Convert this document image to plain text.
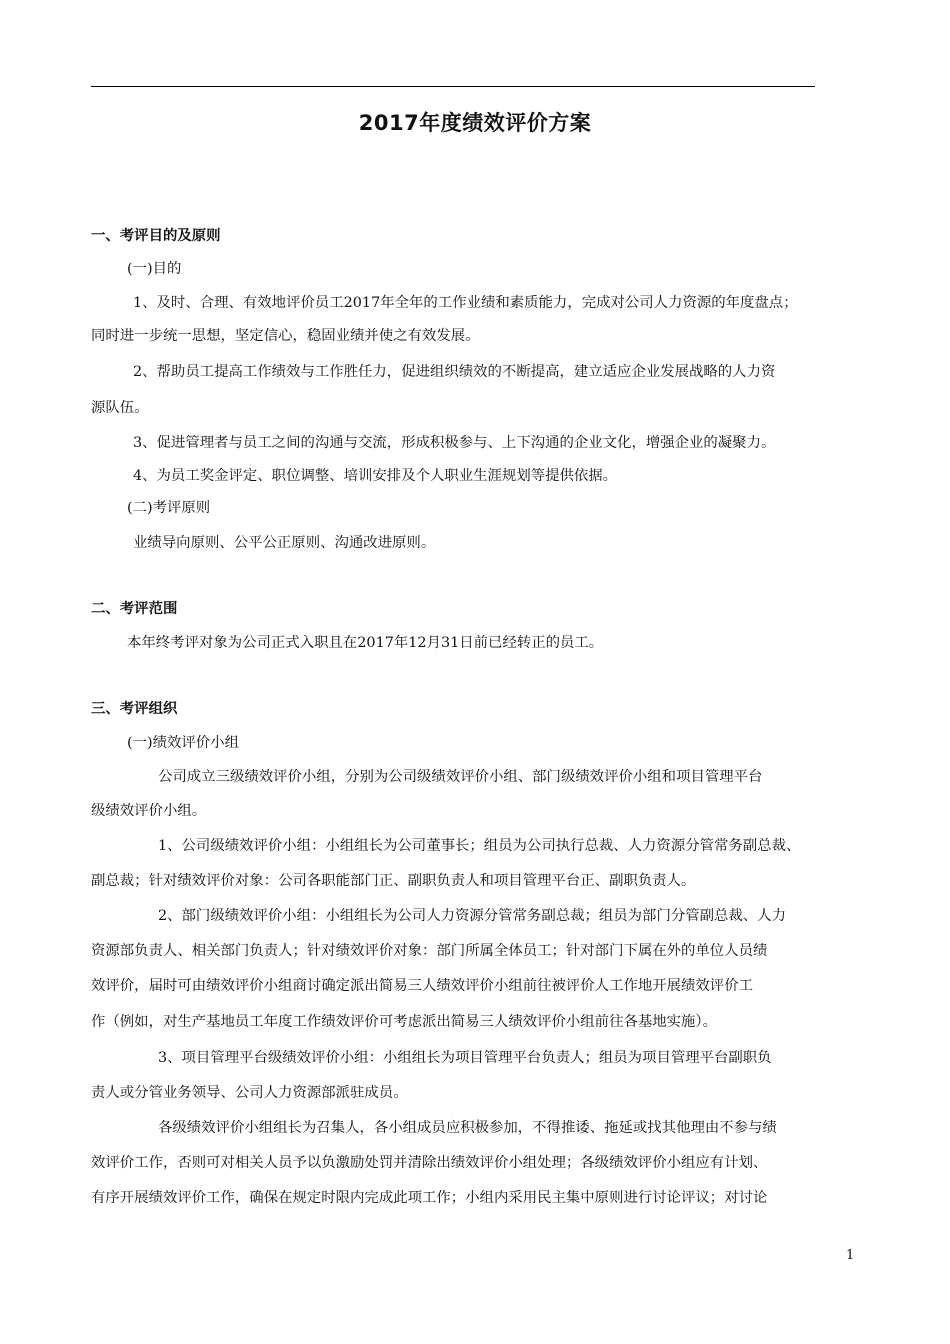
2017年度绩效评价方案
一、考评目的及原则
(一)目的
1、及时、合理、有效地评价员工2017年全年的工作业绩和素质能力，完成对公司人力资源的年度盘点；
同时进一步统一思想，坚定信心，稳固业绩并使之有效发展。
2、帮助员工提高工作绩效与工作胜任力，促进组织绩效的不断提高，建立适应企业发展战略的人力资
源队伍。
3、促进管理者与员工之间的沟通与交流，形成积极参与、上下沟通的企业文化，增强企业的凝聚力。
4、为员工奖金评定、职位调整、培训安排及个人职业生涯规划等提供依据。
(二)考评原则
业绩导向原则、公平公正原则、沟通改进原则。
二、考评范围
本年终考评对象为公司正式入职且在2017年12月31日前已经转正的员工。
三、考评组织
(一)绩效评价小组
公司成立三级绩效评价小组，分别为公司级绩效评价小组、部门级绩效评价小组和项目管理平台
级绩效评价小组。
1、公司级绩效评价小组：小组组长为公司董事长；组员为公司执行总裁、人力资源分管常务副总裁、
副总裁；针对绩效评价对象：公司各职能部门正、副职负责人和项目管理平台正、副职负责人。
2、部门级绩效评价小组：小组组长为公司人力资源分管常务副总裁；组员为部门分管副总裁、人力
资源部负责人、相关部门负责人；针对绩效评价对象：部门所属全体员工；针对部门下属在外的单位人员绩
效评价，届时可由绩效评价小组商讨确定派出简易三人绩效评价小组前往被评价人工作地开展绩效评价工
作（例如，对生产基地员工年度工作绩效评价可考虑派出简易三人绩效评价小组前往各基地实施）。
3、项目管理平台级绩效评价小组：小组组长为项目管理平台负责人；组员为项目管理平台副职负
责人或分管业务领导、公司人力资源部派驻成员。
各级绩效评价小组组长为召集人，各小组成员应积极参加，不得推诿、拖延或找其他理由不参与绩
效评价工作，否则可对相关人员予以负激励处罚并清除出绩效评价小组处理；各级绩效评价小组应有计划、
有序开展绩效评价工作，确保在规定时限内完成此项工作；小组内采用民主集中原则进行讨论评议；对讨论
1
